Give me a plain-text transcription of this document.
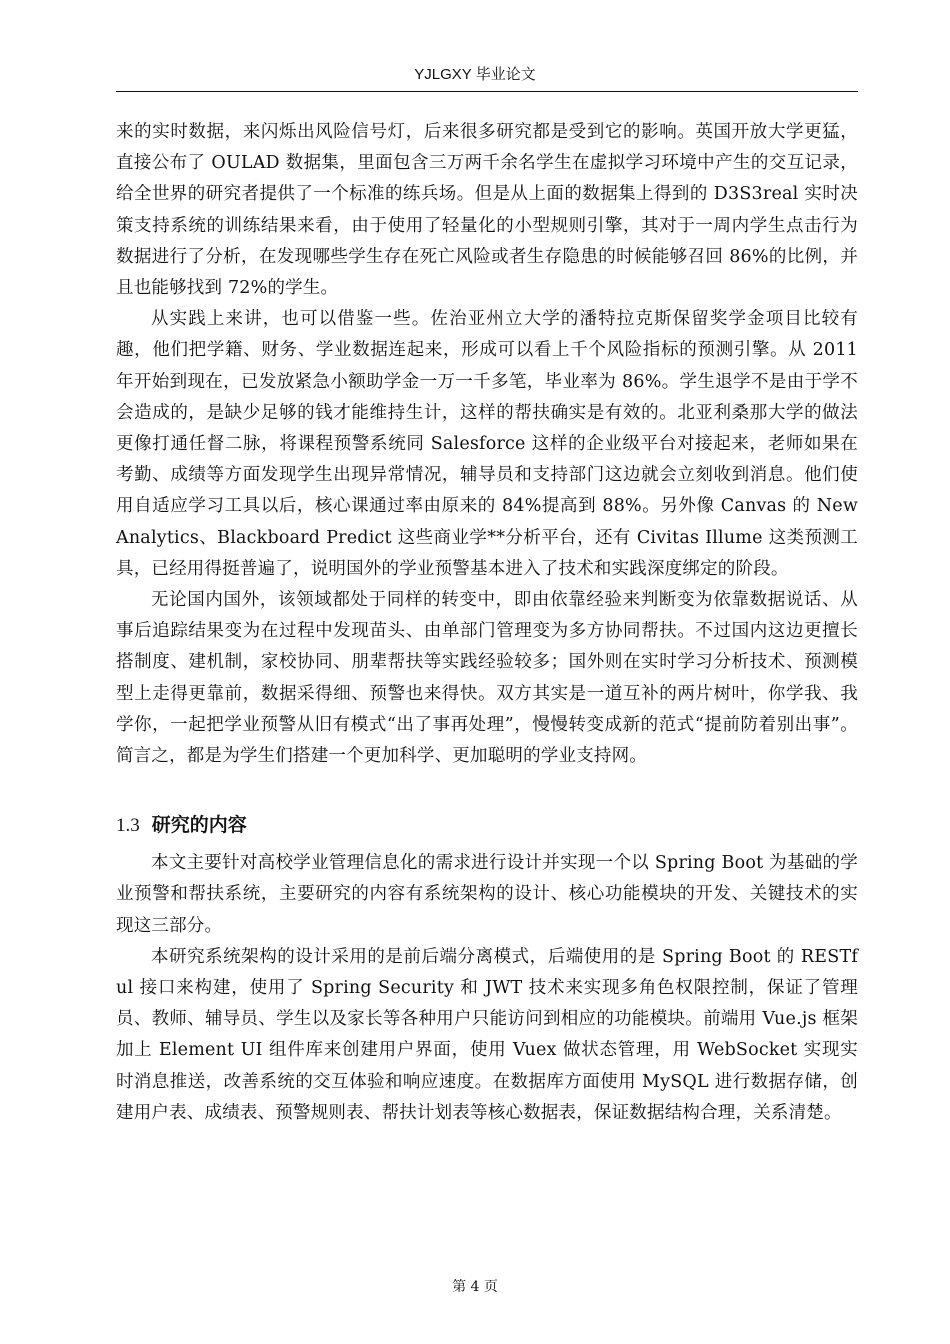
YJLGXY 毕业论文

来的实时数据，来闪烁出风险信号灯，后来很多研究都是受到它的影响。英国开放大学更猛，直接公布了 OULAD 数据集，里面包含三万两千余名学生在虚拟学习环境中产生的交互记录，给全世界的研究者提供了一个标准的练兵场。但是从上面的数据集上得到的 D3S3real 实时决策支持系统的训练结果来看，由于使用了轻量化的小型规则引擎，其对于一周内学生点击行为数据进行了分析，在发现哪些学生存在死亡风险或者生存隐患的时候能够召回 86%的比例，并且也能够找到 72%的学生。

从实践上来讲，也可以借鉴一些。佐治亚州立大学的潘特拉克斯保留奖学金项目比较有趣，他们把学籍、财务、学业数据连起来，形成可以看上千个风险指标的预测引擎。从 2011 年开始到现在，已发放紧急小额助学金一万一千多笔，毕业率为 86%。学生退学不是由于学不会造成的，是缺少足够的钱才能维持生计，这样的帮扶确实是有效的。北亚利桑那大学的做法更像打通任督二脉，将课程预警系统同 Salesforce 这样的企业级平台对接起来，老师如果在考勤、成绩等方面发现学生出现异常情况，辅导员和支持部门这边就会立刻收到消息。他们使用自适应学习工具以后，核心课通过率由原来的 84%提高到 88%。另外像 Canvas 的 New Analytics、Blackboard Predict 这些商业学**分析平台，还有 Civitas Illume 这类预测工具，已经用得挺普遍了，说明国外的学业预警基本进入了技术和实践深度绑定的阶段。

无论国内国外，该领域都处于同样的转变中，即由依靠经验来判断变为依靠数据说话、从事后追踪结果变为在过程中发现苗头、由单部门管理变为多方协同帮扶。不过国内这边更擅长搭制度、建机制，家校协同、朋辈帮扶等实践经验较多；国外则在实时学习分析技术、预测模型上走得更靠前，数据采得细、预警也来得快。双方其实是一道互补的两片树叶，你学我、我学你，一起把学业预警从旧有模式“出了事再处理”，慢慢转变成新的范式“提前防着别出事”。简言之，都是为学生们搭建一个更加科学、更加聪明的学业支持网。

1.3 研究的内容

本文主要针对高校学业管理信息化的需求进行设计并实现一个以 Spring Boot 为基础的学业预警和帮扶系统，主要研究的内容有系统架构的设计、核心功能模块的开发、关键技术的实现这三部分。

本研究系统架构的设计采用的是前后端分离模式，后端使用的是 Spring Boot 的 RESTful 接口来构建，使用了 Spring Security 和 JWT 技术来实现多角色权限控制，保证了管理员、教师、辅导员、学生以及家长等各种用户只能访问到相应的功能模块。前端用 Vue.js 框架加上 Element UI 组件库来创建用户界面，使用 Vuex 做状态管理，用 WebSocket 实现实时消息推送，改善系统的交互体验和响应速度。在数据库方面使用 MySQL 进行数据存储，创建用户表、成绩表、预警规则表、帮扶计划表等核心数据表，保证数据结构合理，关系清楚。

第 4 页
